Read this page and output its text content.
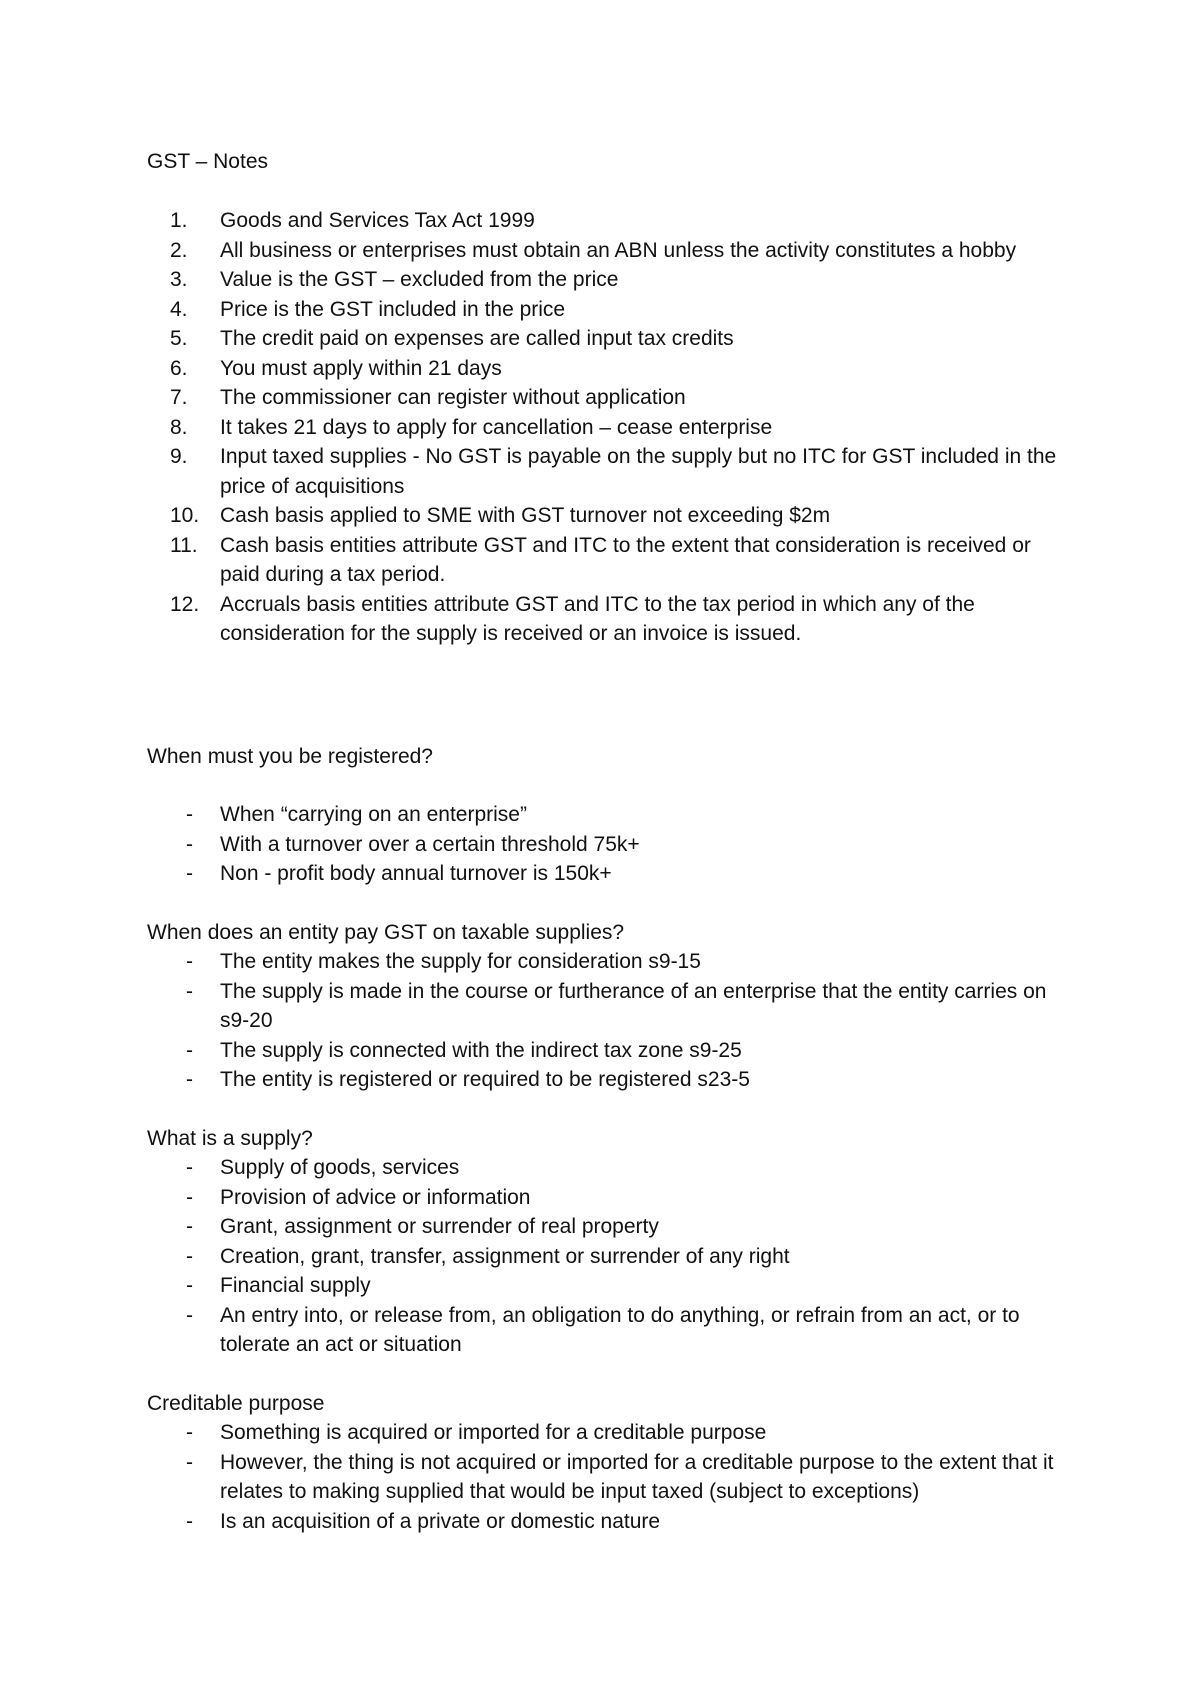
GST – Notes
1.	Goods and Services Tax Act 1999
2.	All business or enterprises must obtain an ABN unless the activity constitutes a hobby
3.	Value is the GST – excluded from the price
4.	Price is the GST included in the price
5.	The credit paid on expenses are called input tax credits
6.	You must apply within 21 days
7.	The commissioner can register without application
8.	It takes 21 days to apply for cancellation – cease enterprise
9.	Input taxed supplies - No GST is payable on the supply but no ITC for GST included in the price of acquisitions
10. Cash basis applied to SME with GST turnover not exceeding $2m
11.	Cash basis entities attribute GST and ITC to the extent that consideration is received or paid during a tax period.
12. Accruals basis entities attribute GST and ITC to the tax period in which any of the consideration for the supply is received or an invoice is issued.
When must you be registered?
- When “carrying on an enterprise”
- With a turnover over a certain threshold 75k+
- Non - profit body annual turnover is 150k+
When does an entity pay GST on taxable supplies?
- The entity makes the supply for consideration s9-15
- The supply is made in the course or furtherance of an enterprise that the entity carries on s9-20
- The supply is connected with the indirect tax zone s9-25
- The entity is registered or required to be registered s23-5
What is a supply?
- Supply of goods, services
- Provision of advice or information
- Grant, assignment or surrender of real property
- Creation, grant, transfer, assignment or surrender of any right
- Financial supply
- An entry into, or release from, an obligation to do anything, or refrain from an act, or to tolerate an act or situation
Creditable purpose
- Something is acquired or imported for a creditable purpose
- However, the thing is not acquired or imported for a creditable purpose to the extent that it relates to making supplied that would be input taxed (subject to exceptions)
- Is an acquisition of a private or domestic nature
